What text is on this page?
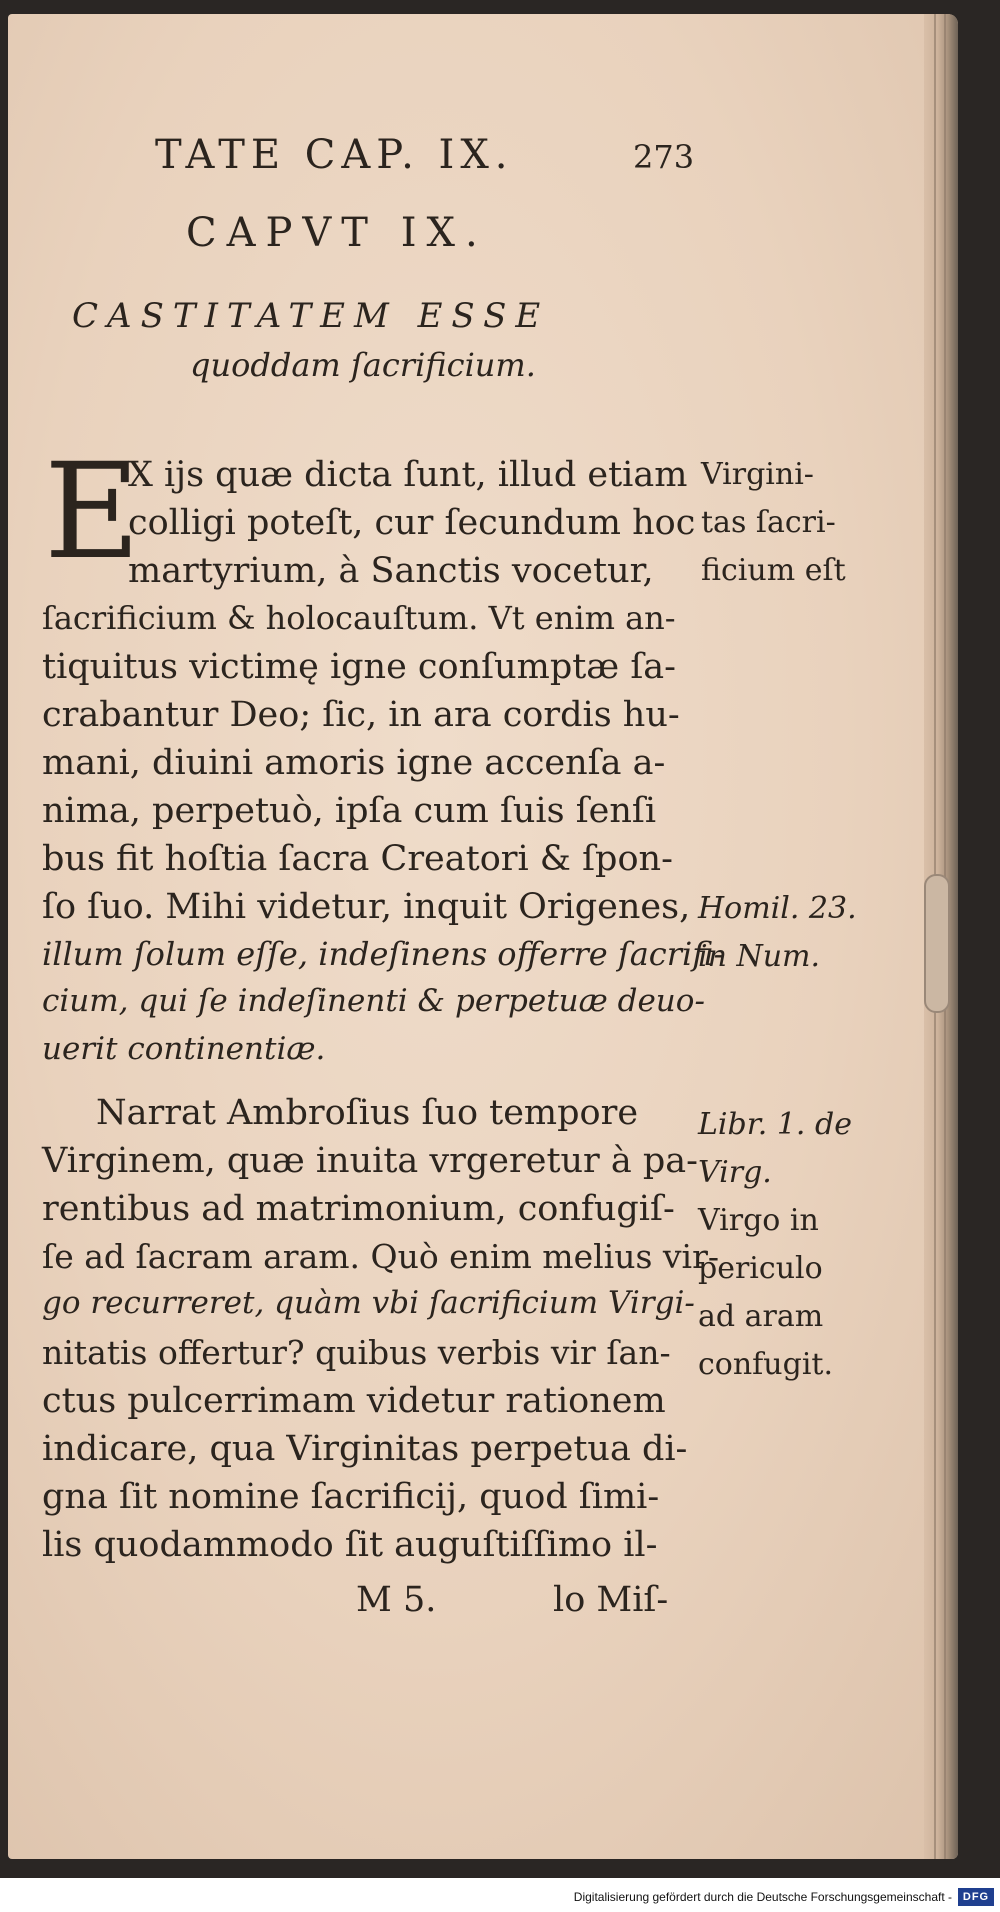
TATE CAP. IX.	273

CAPVT IX.

CASTITATEM ESSE

quoddam ſacrificium.

E

X ijs quæ dicta ſunt, illud etiam

colligi poteſt, cur ſecundum hoc

martyrium, à Sanctis vocetur,

ſacrificium & holocauſtum. Vt enim an-

tiquitus victimę igne conſumptæ ſa-

crabantur Deo; ſic, in ara cordis hu-

mani, diuini amoris igne accenſa a-

nima, perpetuò, ipſa cum ſuis ſenſi

bus fit hoſtia ſacra Creatori & ſpon-

ſo ſuo. Mihi videtur, inquit Origenes,

illum ſolum eſſe, indeſinens offerre ſacrifi-

cium, qui ſe indeſinenti & perpetuæ deuo-

uerit continentiæ.

Narrat Ambroſius ſuo tempore

Virginem, quæ inuita vrgeretur à pa-

rentibus ad matrimonium, confugiſ-

ſe ad ſacram aram. Quò enim melius vir-

go recurreret, quàm vbi ſacrificium Virgi-

nitatis offertur? quibus verbis vir ſan-

ctus pulcerrimam videtur rationem

indicare, qua Virginitas perpetua di-

gna ſit nomine ſacrificij, quod ſimi-

lis quodammodo ſit auguſtiſſimo il-

Virgini-

tas ſacri-

ficium eſt

Homil. 23.

in Num.

Libr. 1. de

Virg.

Virgo in

periculo

ad aram

confugit.

M 5.	lo Miſ-

Digitalisierung gefördert durch die Deutsche Forschungsgemeinschaft - DFG
